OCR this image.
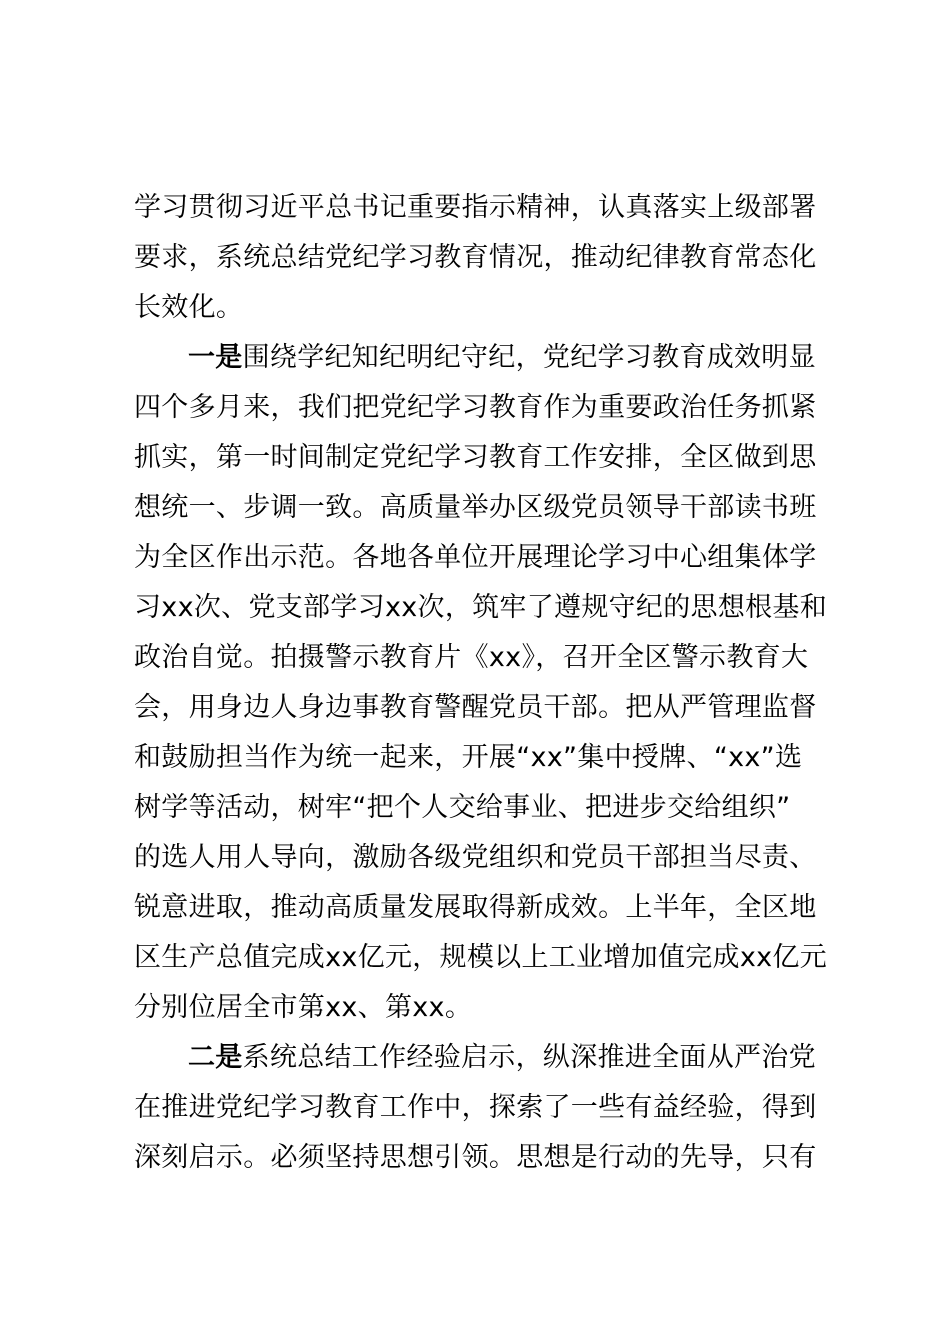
学习贯彻习近平总书记重要指示精神，认真落实上级部署
要求，系统总结党纪学习教育情况，推动纪律教育常态化
长效化。
一是围绕学纪知纪明纪守纪，党纪学习教育成效明显
四个多月来，我们把党纪学习教育作为重要政治任务抓紧
抓实，第一时间制定党纪学习教育工作安排，全区做到思
想统一、步调一致。高质量举办区级党员领导干部读书班
为全区作出示范。各地各单位开展理论学习中心组集体学
习xx次、党支部学习xx次，筑牢了遵规守纪的思想根基和
政治自觉。拍摄警示教育片《xx》，召开全区警示教育大
会，用身边人身边事教育警醒党员干部。把从严管理监督
和鼓励担当作为统一起来，开展“xx”集中授牌、“xx”选
树学等活动，树牢“把个人交给事业、把进步交给组织”
的选人用人导向，激励各级党组织和党员干部担当尽责、
锐意进取，推动高质量发展取得新成效。上半年，全区地
区生产总值完成xx亿元，规模以上工业增加值完成xx亿元
分别位居全市第xx、第xx。
二是系统总结工作经验启示，纵深推进全面从严治党
在推进党纪学习教育工作中，探索了一些有益经验，得到
深刻启示。必须坚持思想引领。思想是行动的先导，只有
